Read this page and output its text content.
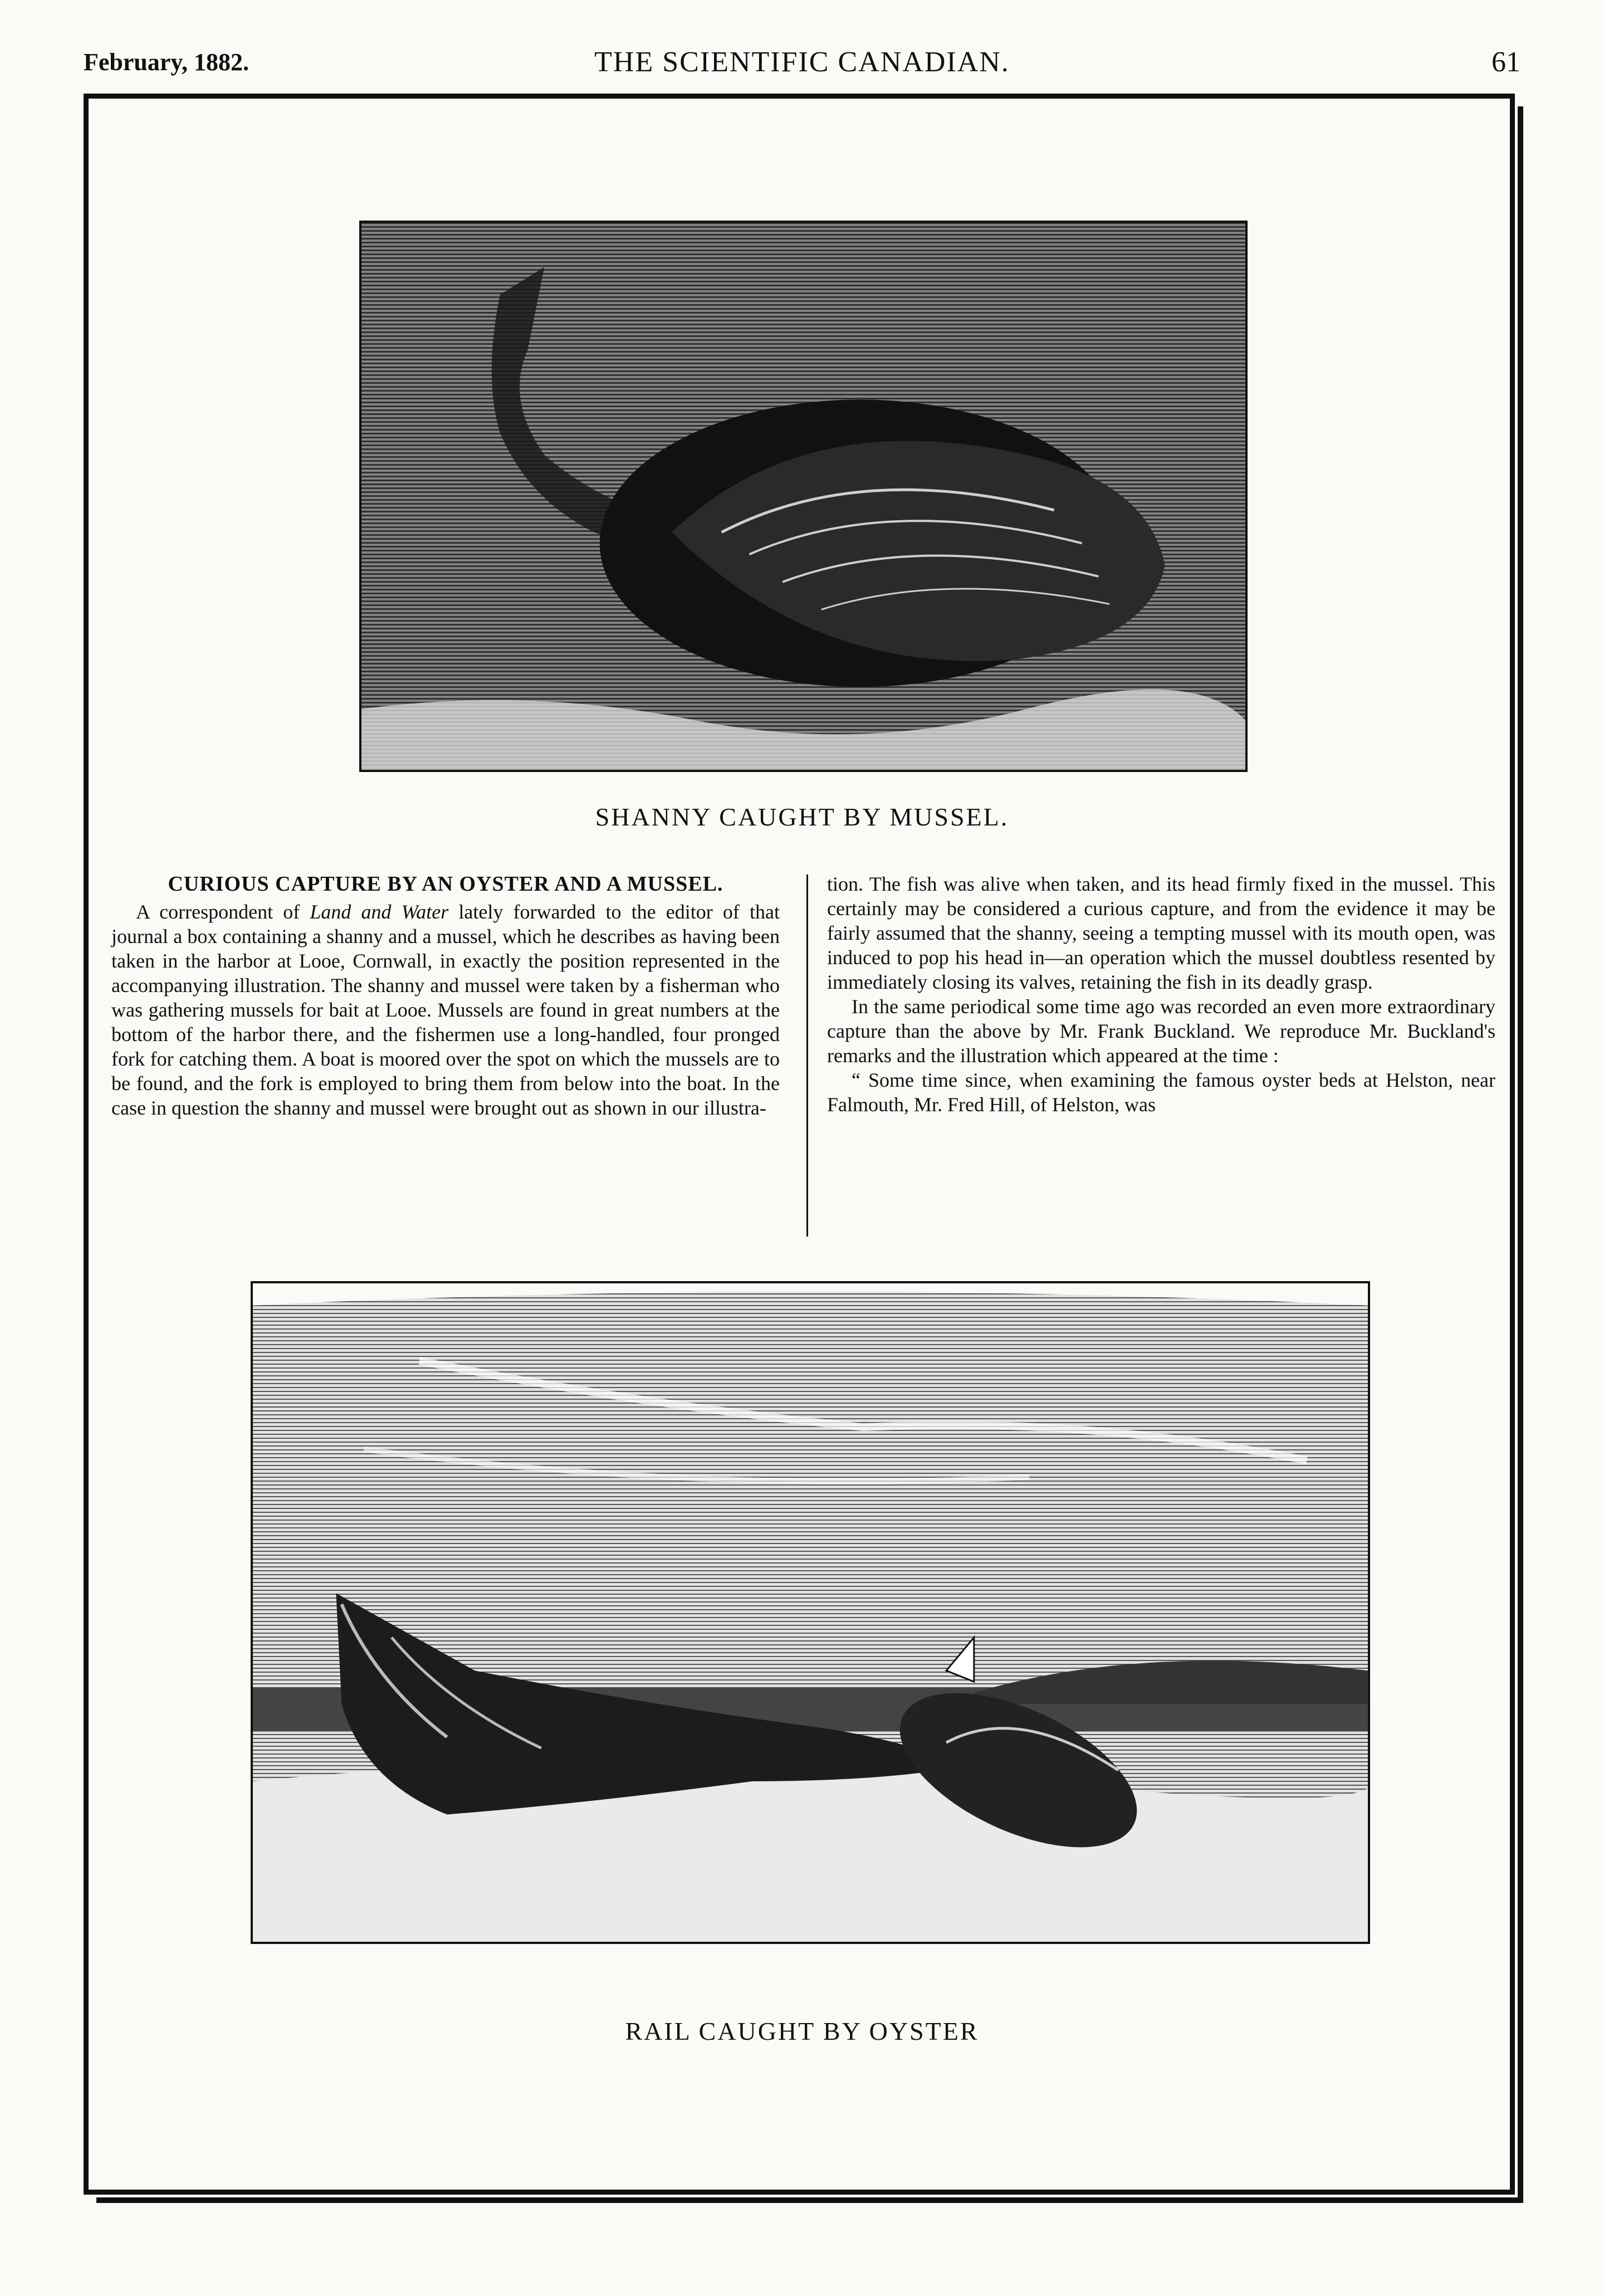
February, 1882.	THE SCIENTIFIC CANADIAN.	61
SHANNY CAUGHT BY MUSSEL.
CURIOUS CAPTURE BY AN OYSTER AND A MUSSEL.

A correspondent of Land and Water lately forwarded to the editor of that journal a box containing a shanny and a mussel, which he describes as having been taken in the harbor at Looe, Cornwall, in exactly the position represented in the accompanying illustration. The shanny and mussel were taken by a fisherman who was gathering mussels for bait at Looe. Mussels are found in great numbers at the bottom of the harbor there, and the fishermen use a long-handled, four pronged fork for catching them. A boat is moored over the spot on which the mussels are to be found, and the fork is employed to bring them from below into the boat. In the case in question the shanny and mussel were brought out as shown in our illustra-

tion. The fish was alive when taken, and its head firmly fixed in the mussel. This certainly may be considered a curious capture, and from the evidence it may be fairly assumed that the shanny, seeing a tempting mussel with its mouth open, was induced to pop his head in—an operation which the mussel doubtless resented by immediately closing its valves, retaining the fish in its deadly grasp.

In the same periodical some time ago was recorded an even more extraordinary capture than the above by Mr. Frank Buckland. We reproduce Mr. Buckland's remarks and the illustration which appeared at the time :

“ Some time since, when examining the famous oyster beds at Helston, near Falmouth, Mr. Fred Hill, of Helston, was

RAIL CAUGHT BY OYSTER
